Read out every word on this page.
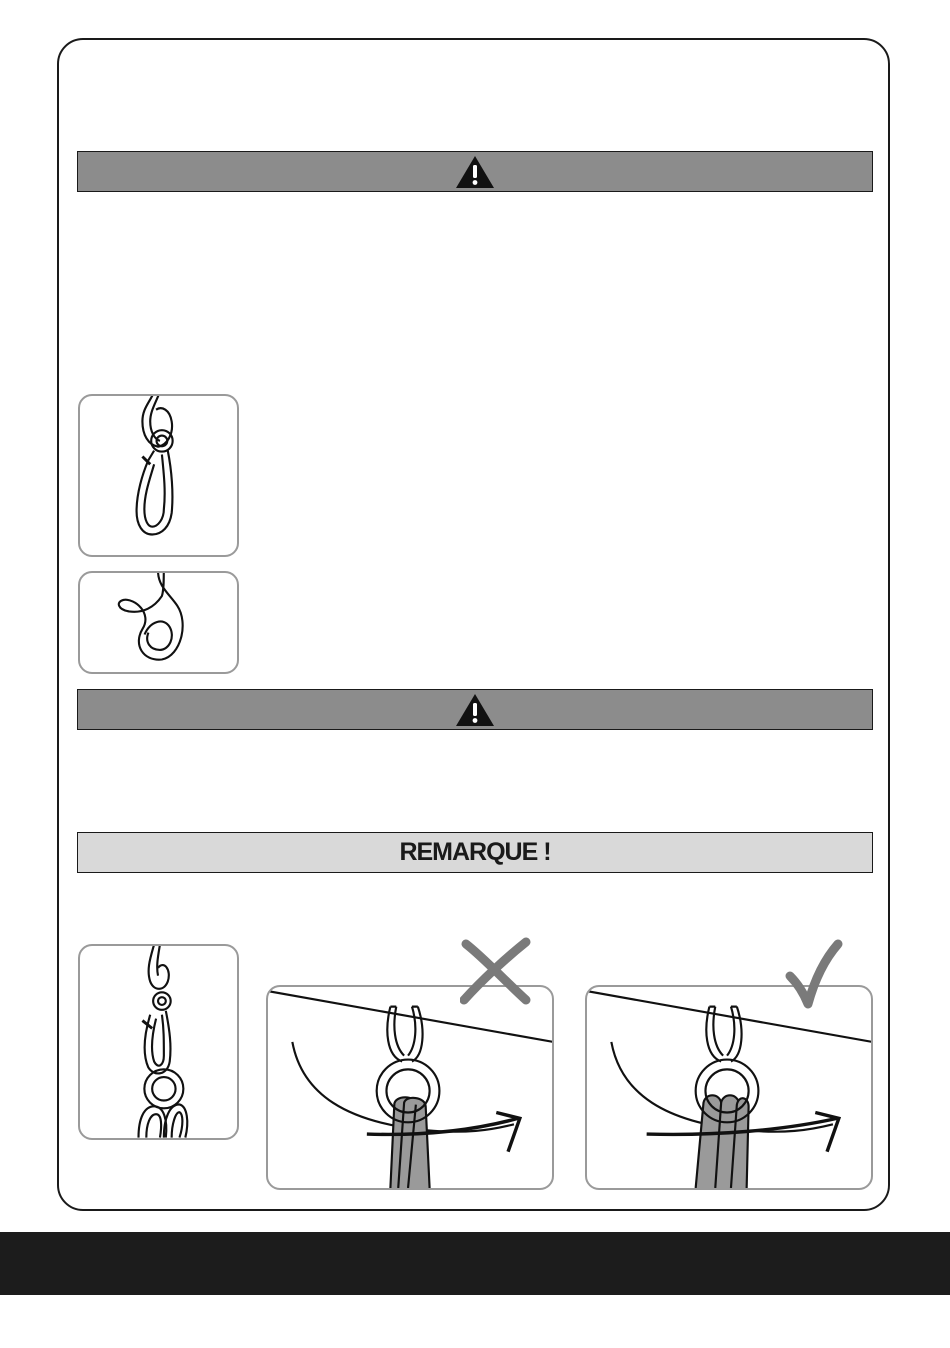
REMARQUE !
